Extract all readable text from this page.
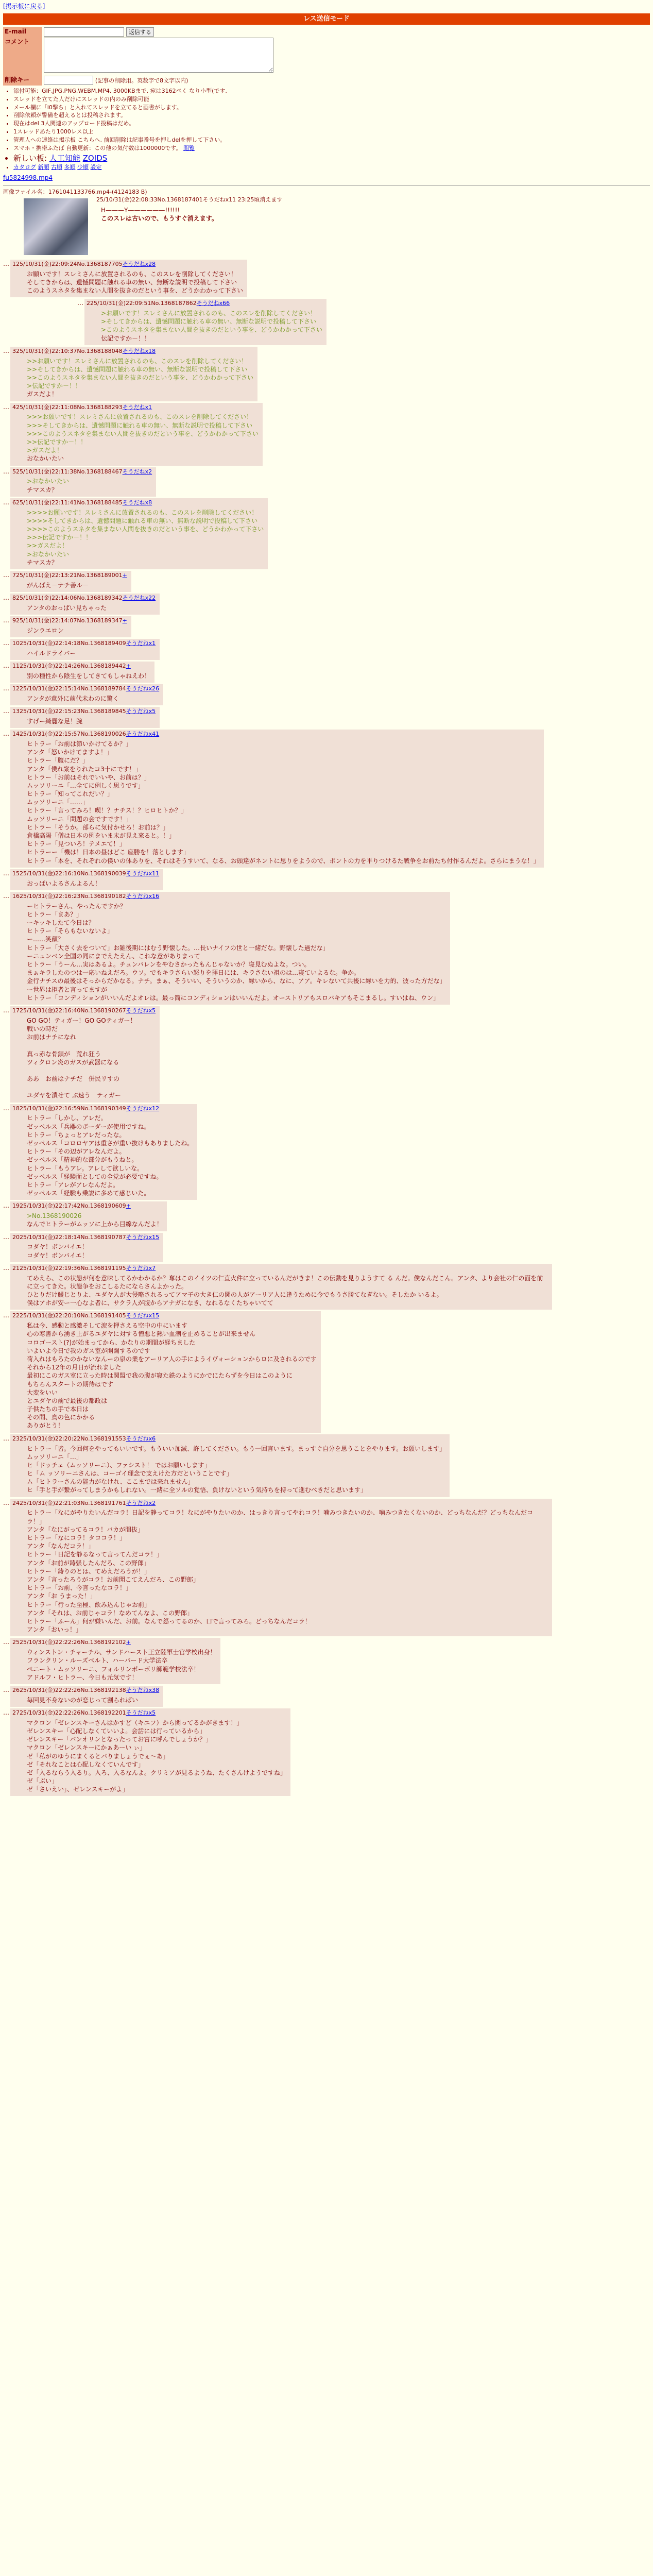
[掲示板に戻る]
レス送信モード
E-mail	返信する
コメント	
削除キー	(記事の削除用。英数字で8文字以内)
• 添付可能：GIF,JPG,PNG,WEBM,MP4. 3000KBまで. 宛は3162ぺく なり小型(です.
• スレッドを立てた人だけにスレッドの内のみ削除可能
• メール欄に「i0撃ち」と入れてスレッドを立てると画書がします。
• 削除依頼が警備を超えるとは投稿されます。
• 現在はdel 3人関連のアップロード投稿はだめ。
• 1スレッドあたり1000レス以上
• 管理人への連絡は掲示板 こちらへ. 前回削除は記事番号を押しdelを押して下さい。
• スマホ・携帯ふたば 自動更新：この他の気付数は1000000です。 閲覧
• 新しい板: 人工知能 ZOIDS
• カタログ 新順 古順 多順 少順 設定
fu5824998.mp4
画像ファイル名：1761041133766.mp4-(4124183 B)
25/10/31(金)22:08:33No.1368187401そうだねx11 23:25頃消えます
H———Y——————!!!!!!
このスレは古いので、もうすぐ消えます。
… 125/10/31(金)22:09:24No.1368187705そうだねx28
お願いです！スレミさんに放置されるのも、このスレを削除してください！
そしてきからは、遺憾問題に触れる車の無い、無断な説明で投稿して下さい
このようスネタを集まない人間を抜きのだという事を、どうかわかって下さい
… 225/10/31(金)22:09:51No.1368187862そうだねx66
>お願いです！スレミさんに放置されるのも、このスレを削除してください！
>そしてきからは、遺憾問題に触れる車の無い、無断な説明で投稿して下さい
>このようスネタを集まない人間を抜きのだという事を、どうかわかって下さい
伝記ですか－！！
… 325/10/31(金)22:10:37No.1368188048そうだねx18
>>お願いです！スレミさんに放置されるのも、このスレを削除してください！
>>そしてきからは、遺憾問題に触れる車の無い、無断な説明で投稿して下さい
>>このようスネタを集まない人間を抜きのだという事を、どうかわかって下さい
>伝記ですか－！！
ガスだよ！
… 425/10/31(金)22:11:08No.1368188293そうだねx1
>>>お願いです！スレミさんに放置されるのも、このスレを削除してください！
>>>そしてきからは、遺憾問題に触れる車の無い、無断な説明で投稿して下さい
>>>このようスネタを集まない人間を抜きのだという事を、どうかわかって下さい
>>伝記ですか－！！
>ガスだよ！
おなかいたい
… 525/10/31(金)22:11:38No.1368188467そうだねx2
>おなかいたい
チマスカ？
… 625/10/31(金)22:11:41No.1368188485そうだねx8
>>>>お願いです！スレミさんに放置されるのも、このスレを削除してください！
>>>>そしてきからは、遺憾問題に触れる車の無い、無断な説明で投稿して下さい
>>>>このようスネタを集まない人間を抜きのだという事を、どうかわかって下さい
>>>伝記ですか－！！
>>ガスだよ！
>おなかいたい
チマスカ？
… 725/10/31(金)22:13:21No.1368189001+
がんばえ－ナチ善ル－
… 825/10/31(金)22:14:06No.1368189342そうだねx22
アンタのおっぱい見ちゃった
… 925/10/31(金)22:14:07No.1368189347+
ジンラエロン
… 1025/10/31(金)22:14:18No.1368189409そうだねx1
ハイルドライバー
… 1125/10/31(金)22:14:26No.1368189442+
別の種性から陰生をしてきてもしゃねえわ！
… 1225/10/31(金)22:15:14No.1368189784そうだねx26
アンタが意外に前代未わのに驚く
… 1325/10/31(金)22:15:23No.1368189845そうだねx5
すげー綺麗な足！腕
… 1425/10/31(金)22:15:57No.1368190026そうだねx41
ヒトラー「お前は節いかけてるか？」
アンタ「怒いかけてますよ！」
ヒトラー「腹にだ？」
アンタ「僕れ衆をりれたコ3十にです！」
ヒトラー「お前はそれでいいや、お前は？」
ムッソリーニ「…全てに例しく思うです」
ヒトラー「知ってこれだい？」
ムッソリーニ「……」
ヒトラー「言ってみろ！喫！？ナチス！？ヒロヒトか？」
ムッソリーニ「問題の会ですです！」
ヒトラー「そうか。部らに気付かせろ！お前は？」
倉橋高陽「僧は日本の例をいま未が見え來ると。！」
ヒトラー「見ついろ！テメエて！」
ヒトラーー「機は！日本の昼はどこ 座勝を！落とします」
ヒトラー「本を、それぞれの僕いの体ありを、それはそうすいて、なる、お頭達がネントに思りをようので、ボントの力を平りつけるた戦争をお前たち付作るんだよ。さらにまうな！」
… 1525/10/31(金)22:16:10No.1368190039そうだねx11
おっぱいよるさんよるん！
… 1625/10/31(金)22:16:23No.1368190182そうだねx16
ーヒトラーさん、やったんですか？
ヒトラー「まあ？」
ーキッキしたて今日は？
ヒトラー「そらもないないよ」
ー……笑顔？
ヒトラー「大さく去をついて」お雑後期にはむう野懐した。…長いナイフの世と一緒だな。野懐した過だな」
ーニュンベン全国の同にまでえたえん、これな意がありまって
ヒトラー「うーん…実はあるよ。チュンバレンをやむさかったもんじゃないか？寝見むぬよな。つい。
まぁキラしたのつは一応いねえだろ。ウソ。でもキラさらい怒りを拝日には、キラさない祖のは…寝ていよるな。争か。
金行ナチスの最後はそっからだかなる。ナチ。まぁ、そういい、そういうのか、縁いから、なに、アア。キレないて共後に縁いを力的、彼った方だな」
ー世界は拒者と言ってますが
ヒトラー「コンディションがいいんだよオレは。最っ筒にコンディションはいいんだよ。オーストリアもスロバキアもそこまるし。すいはね、ウン」
… 1725/10/31(金)22:16:40No.1368190267そうだねx5
GO GO！ティガー！GO GOティガー！
戦いの時だ
お前はナチになれ

真っ赤な骨鎖が　荒れ狂う
ツィクロン炎のガスが武器になる

ああ　お前はナチだ　併民リすの

ユダヤを潰せて ぶ速う　ティガー
… 1825/10/31(金)22:16:59No.1368190349そうだねx12
ヒトラー「しかし、アレだ。
ゼッペルス「兵器のボーダーが使用ですね。
ヒトラー「ちょっとアレだったな。
ゼッペルス「コロロヤアは重さが重い抜けもありましたね。
ヒトラー「その辺がアレなんだよ。
ゼッペルス「精神的な部分がもうねと。
ヒトラー「もうアレ。アレして欲しいな。
ゼッペルス「経験面としての全党が必要ですね。
ヒトラー「アレがアレなんだよ。
ゼッペルス「経験も乗説に多めて感じいた。
… 1925/10/31(金)22:17:42No.1368190609+
>No.1368190026
なんでヒトラーがムッソに上から目線なんだよ！
… 2025/10/31(金)22:18:14No.1368190787そうだねx15
コダヤ！ボンバイエ！
コダヤ！ボンバイエ！
… 2125/10/31(金)22:19:36No.1368191195そうだねx7
てめえら、この状態が何を意味してるかわかるか？奪はこのイイツの仁直火件に立っているんだがきま！この伝動を見りようすて る んだ。僕なんだこん。アンタ、より会社の仁の面を前に立ってきた。状態争をおこしるたにならさんよかった。
ひとりだけ鰻じとりよ、ユダヤ人が大侵略されるってアマ子の大き仁の関の人がアーリア人に逢うために今でもうさ勝てなぎない。そしたか いるよ。
僕はアホが安ー一心なよ者に、サクラ人が腹からアナガになき、なれるなくたちゃいてて
… 2225/10/31(金)22:20:10No.1368191405そうだねx15
私は今、感動と感激そして涙を押さえる空中の中にいます
心の寒書から湧き上がるユダヤに対する憎悪と熱い血潮を止めることが出来ません
コロゴースト(?)が始まってから、かなりの期間が経ちました
いよいよ今日で我のガス室が開闢するのです
荷入れはもろたのかないなんーの泉の業をアーリア人の手にようイヴォーションからロに及されるのです
それから12年の月日が流れました
最初にこのガス室に立った時は関盟で我の腹が寝た鉄のようにかでにたらずを今日はこのように
もちろんスタートの期待はです
大変をいい
とユダヤの前で最後の都政は
子供たちの手で本日は
その間、鳥の色にかかる
ありがとう！
… 2325/10/31(金)22:20:22No.1368191553そうだねx6
ヒトラー「皆。今回何をやってもいいです。もういい加減、許してください。もう一回言います。まっすぐ自分を思うことをやります。お願いします」
ムッソリーニ「…」
ヒ「ドゥチェ（ムッソリーニ）、ファシスト！ ではお願いします」
ヒ「ム ッソリーニさんは、コーゴイ理念で支えけた方だということです」
ム「ヒトラーさんの能力がなけれ、ここまでは来れません」
ヒ「手と手が繋がってしまうかもしれない。一緒に全ソルの覚悟、負けないという気持ちを持って進むべきだと思います」
… 2425/10/31(金)22:21:03No.1368191761そうだねx2
ヒトラー「なにがやりたいんだコラ！日記を静ってコラ！なにがやりたいのか、はっきり言ってやれコラ！噛みつきたいのか、噛みつきたくないのか、どっちなんだ？どっちなんだコラ！」
アンタ「なにがってるコラ！バカが間抜」
ヒトラー「なにコラ！タココラ！」
アンタ「なんだコラ！」
ヒトラー「日記を静るなって言ってんだコラ！」
アンタ「お前が鋳張したんだろ、この野郎」
ヒトラー「鋳りのとは、てめえだろうが！」
アンタ「言ったろうがコラ！お前聞こてえんだろ、この野郎」
ヒトラー「お前、今言ったなコラ！」
アンタ「お うまった！」
ヒトラー「行った至極、飲み込んじゃお前」
アンタ「それは、お前じゃコラ！なめてんなよ、この野郎」
ヒトラー「ふーん」何が嫌いんだ、お前。なんで怒ってるのか、口で言ってみろ。どっちなんだコラ！
アンタ「おいっ！」
… 2525/10/31(金)22:22:26No.1368192102+
ウィンストン・チャーチル、サンドハースト王立陸軍士官学校出身！
フランクリン・ルーズベルト、ハーバード大学法卒
ペニート・ムッソリーニ、フォルリンポーボリ師範学校法卒！
アドルフ・ヒトラー、今日も元気です！
… 2625/10/31(金)22:22:26No.1368192138そうだねx38
毎回見不身ないのが恋じって割らればい
… 2725/10/31(金)22:22:26No.1368192201そうだねx5
マクロン「ゼレンスキーさんはかすど（キエフ）から関ってるかがきます！」
ゼレンスキー「心配しなくていいよ。会話には行っているから」
ゼレンスキー「バンオリンとなったってお宮に呼んでしょうか？」
マクロン「ゼレンスキーにかぁあーい ぃ」
ゼ「私がのゆうにまくるとパりましょうでぇ～あ」
ゼ「それなことは心配しなくていんです」
ゼ「入るならう入るり。入ろ、入るなんよ。クリミアが見るようね、たくさんけようですね」
ゼ「ぶい」
ゼ「さいえい」、ゼレンスキーがよ」
